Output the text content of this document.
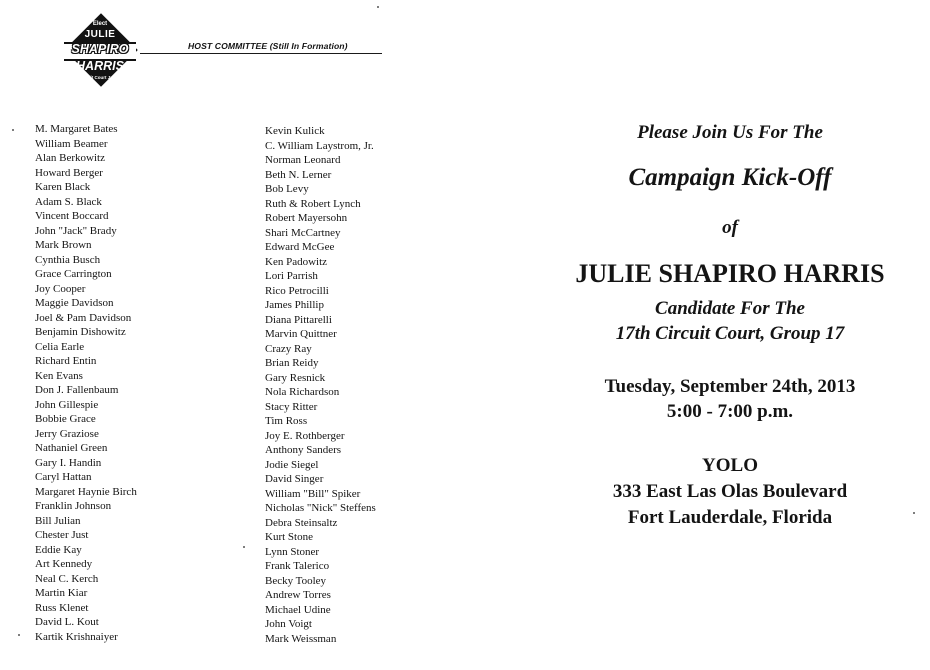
Elect
JULIE
SHAPIRO
HARRIS
Circuit Court Judge
HOST COMMITTEE (Still In Formation)
M. Margaret Bates
William Beamer
Alan Berkowitz
Howard Berger
Karen Black
Adam S. Black
Vincent Boccard
John "Jack" Brady
Mark Brown
Cynthia Busch
Grace Carrington
Joy Cooper
Maggie Davidson
Joel & Pam Davidson
Benjamin Dishowitz
Celia Earle
Richard Entin
Ken Evans
Don J. Fallenbaum
John Gillespie
Bobbie Grace
Jerry Graziose
Nathaniel Green
Gary I. Handin
Caryl Hattan
Margaret Haynie Birch
Franklin Johnson
Bill Julian
Chester Just
Eddie Kay
Art Kennedy
Neal C. Kerch
Martin Kiar
Russ Klenet
David L. Kout
Kartik Krishnaiyer
Kevin Kulick
C. William Laystrom, Jr.
Norman Leonard
Beth N. Lerner
Bob Levy
Ruth & Robert Lynch
Robert Mayersohn
Shari McCartney
Edward McGee
Ken Padowitz
Lori Parrish
Rico Petrocilli
James Phillip
Diana Pittarelli
Marvin Quittner
Crazy Ray
Brian Reidy
Gary Resnick
Nola Richardson
Stacy Ritter
Tim Ross
Joy E. Rothberger
Anthony Sanders
Jodie Siegel
David Singer
William "Bill" Spiker
Nicholas "Nick" Steffens
Debra Steinsaltz
Kurt Stone
Lynn Stoner
Frank Talerico
Becky Tooley
Andrew Torres
Michael Udine
John Voigt
Mark Weissman
Please Join Us For The
Campaign Kick-Off
of
JULIE SHAPIRO HARRIS
Candidate For The
17th Circuit Court, Group 17
Tuesday, September 24th, 2013
5:00 - 7:00 p.m.
YOLO
333 East Las Olas Boulevard
Fort Lauderdale, Florida
